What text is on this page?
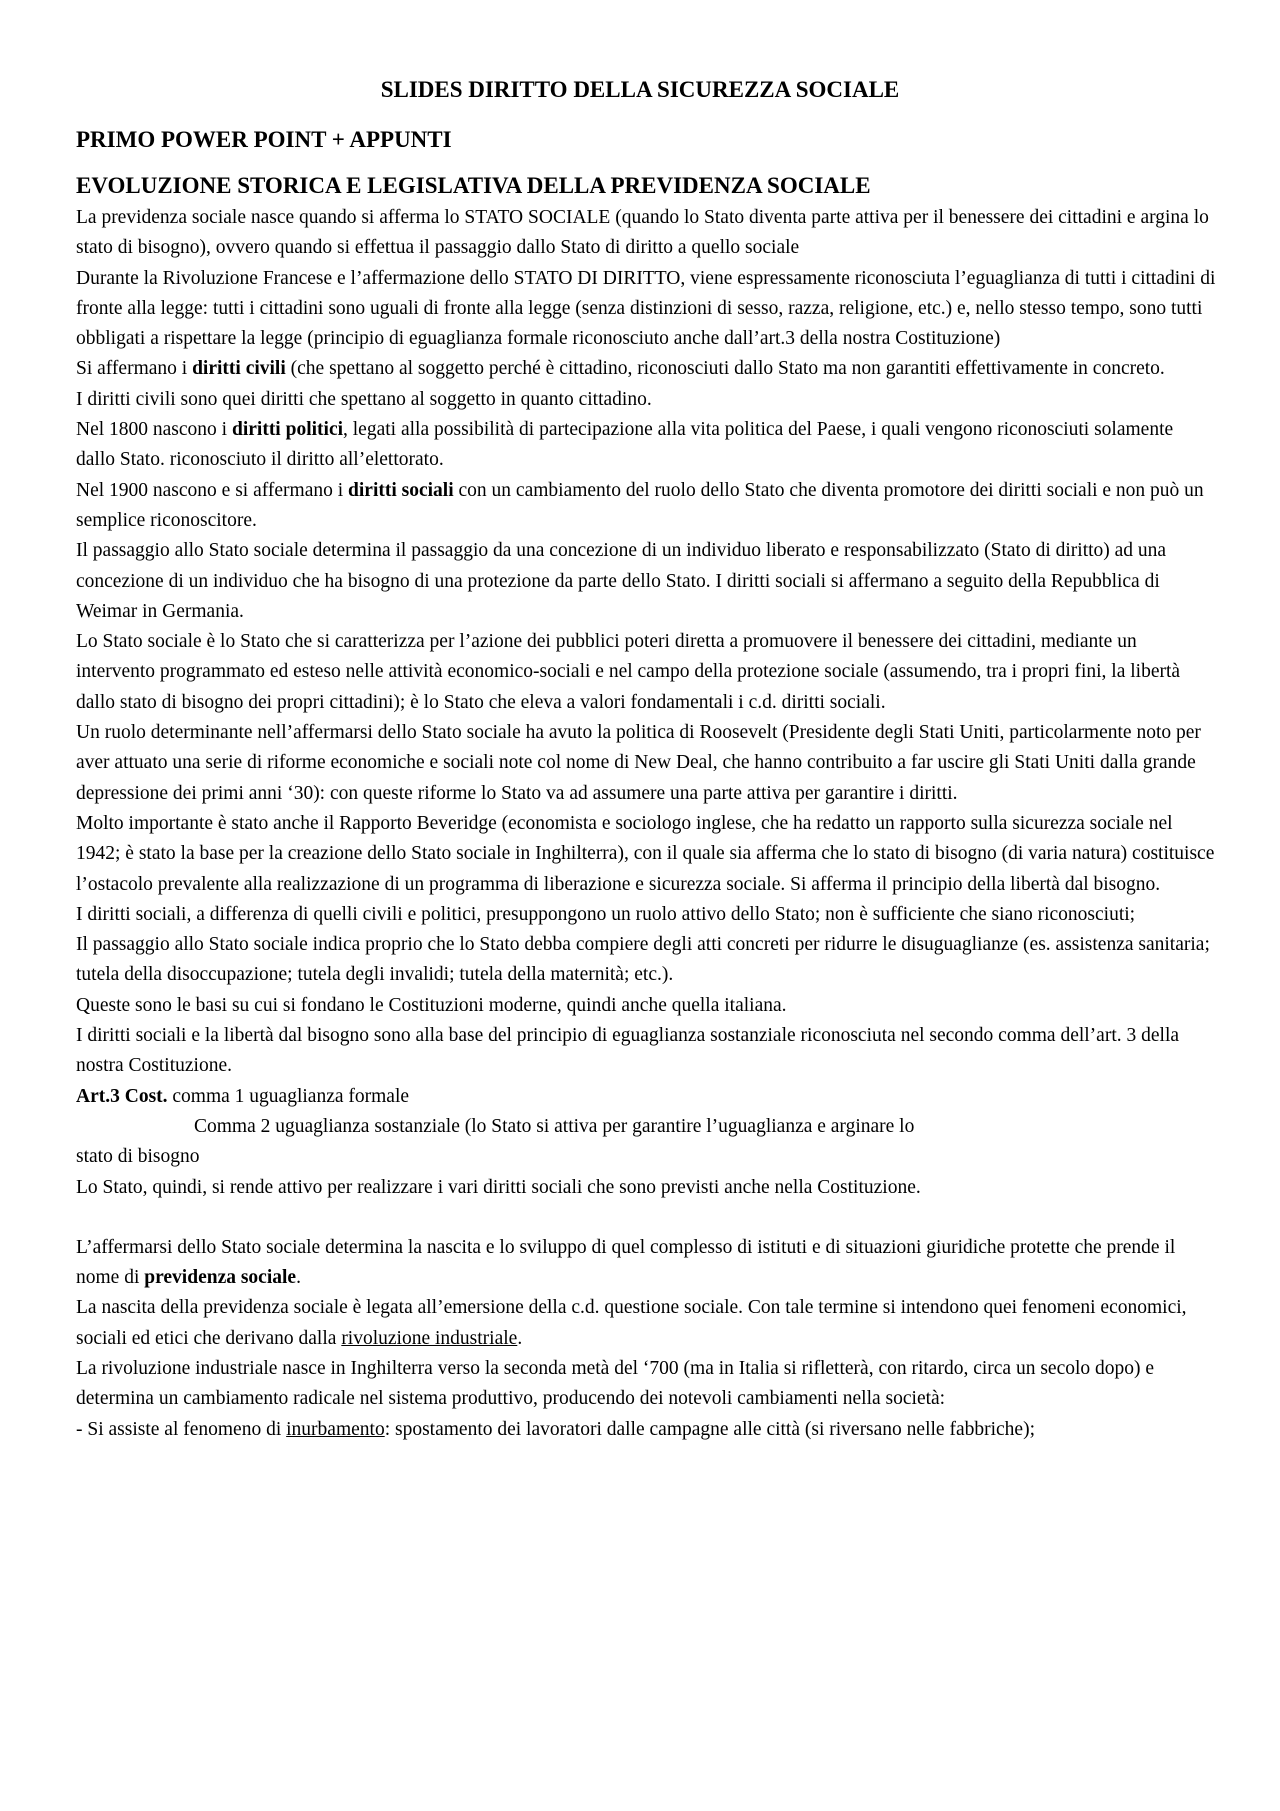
SLIDES DIRITTO DELLA SICUREZZA SOCIALE
PRIMO POWER POINT + APPUNTI
EVOLUZIONE STORICA E LEGISLATIVA DELLA PREVIDENZA SOCIALE

La previdenza sociale nasce quando si afferma lo STATO SOCIALE (quando lo Stato diventa parte attiva per il benessere dei cittadini e argina lo stato di bisogno), ovvero quando si effettua il passaggio dallo Stato di diritto a quello sociale

Durante la Rivoluzione Francese e l’affermazione dello STATO DI DIRITTO, viene espressamente riconosciuta l’eguaglianza di tutti i cittadini di fronte alla legge: tutti i cittadini sono uguali di fronte alla legge (senza distinzioni di sesso, razza, religione, etc.) e, nello stesso tempo, sono tutti obbligati a rispettare la legge (principio di eguaglianza formale riconosciuto anche dall’art.3 della nostra Costituzione)

Si affermano i diritti civili (che spettano al soggetto perché è cittadino, riconosciuti dallo Stato ma non garantiti effettivamente in concreto.

I diritti civili sono quei diritti che spettano al soggetto in quanto cittadino.

Nel 1800 nascono i diritti politici, legati alla possibilità di partecipazione alla vita politica del Paese, i quali vengono riconosciuti solamente dallo Stato. riconosciuto il diritto all’elettorato.

Nel 1900 nascono e si affermano i diritti sociali con un cambiamento del ruolo dello Stato che diventa promotore dei diritti sociali e non può un semplice riconoscitore.

Il passaggio allo Stato sociale determina il passaggio da una concezione di un individuo liberato e responsabilizzato (Stato di diritto) ad una concezione di un individuo che ha bisogno di una protezione da parte dello Stato. I diritti sociali si affermano a seguito della Repubblica di Weimar in Germania.

Lo Stato sociale è lo Stato che si caratterizza per l’azione dei pubblici poteri diretta a promuovere il benessere dei cittadini, mediante un intervento programmato ed esteso nelle attività economico-sociali e nel campo della protezione sociale (assumendo, tra i propri fini, la libertà dallo stato di bisogno dei propri cittadini); è lo Stato che eleva a valori fondamentali i c.d. diritti sociali.

Un ruolo determinante nell’affermarsi dello Stato sociale ha avuto la politica di Roosevelt (Presidente degli Stati Uniti, particolarmente noto per aver attuato una serie di riforme economiche e sociali note col nome di New Deal, che hanno contribuito a far uscire gli Stati Uniti dalla grande depressione dei primi anni ‘30): con queste riforme lo Stato va ad assumere una parte attiva per garantire i diritti.

Molto importante è stato anche il Rapporto Beveridge (economista e sociologo inglese, che ha redatto un rapporto sulla sicurezza sociale nel 1942; è stato la base per la creazione dello Stato sociale in Inghilterra), con il quale sia afferma che lo stato di bisogno (di varia natura) costituisce l’ostacolo prevalente alla realizzazione di un programma di liberazione e sicurezza sociale. Si afferma il principio della libertà dal bisogno.

I diritti sociali, a differenza di quelli civili e politici, presuppongono un ruolo attivo dello Stato; non è sufficiente che siano riconosciuti;

Il passaggio allo Stato sociale indica proprio che lo Stato debba compiere degli atti concreti per ridurre le disuguaglianze (es. assistenza sanitaria; tutela della disoccupazione; tutela degli invalidi; tutela della maternità; etc.).

Queste sono le basi su cui si fondano le Costituzioni moderne, quindi anche quella italiana.

I diritti sociali e la libertà dal bisogno sono alla base del principio di eguaglianza sostanziale riconosciuta nel secondo comma dell’art. 3 della nostra Costituzione.

Art.3 Cost. comma 1 uguaglianza formale

Comma 2 uguaglianza sostanziale (lo Stato si attiva per garantire l’uguaglianza e arginare lo

stato di bisogno

Lo Stato, quindi, si rende attivo per realizzare i vari diritti sociali che sono previsti anche nella Costituzione.

L’affermarsi dello Stato sociale determina la nascita e lo sviluppo di quel complesso di istituti e di situazioni giuridiche protette che prende il nome di previdenza sociale.

La nascita della previdenza sociale è legata all’emersione della c.d. questione sociale. Con tale termine si intendono quei fenomeni economici, sociali ed etici che derivano dalla rivoluzione industriale.

La rivoluzione industriale nasce in Inghilterra verso la seconda metà del ‘700 (ma in Italia si rifletterà, con ritardo, circa un secolo dopo) e determina un cambiamento radicale nel sistema produttivo, producendo dei notevoli cambiamenti nella società:

- Si assiste al fenomeno di inurbamento: spostamento dei lavoratori dalle campagne alle città (si riversano nelle fabbriche);
